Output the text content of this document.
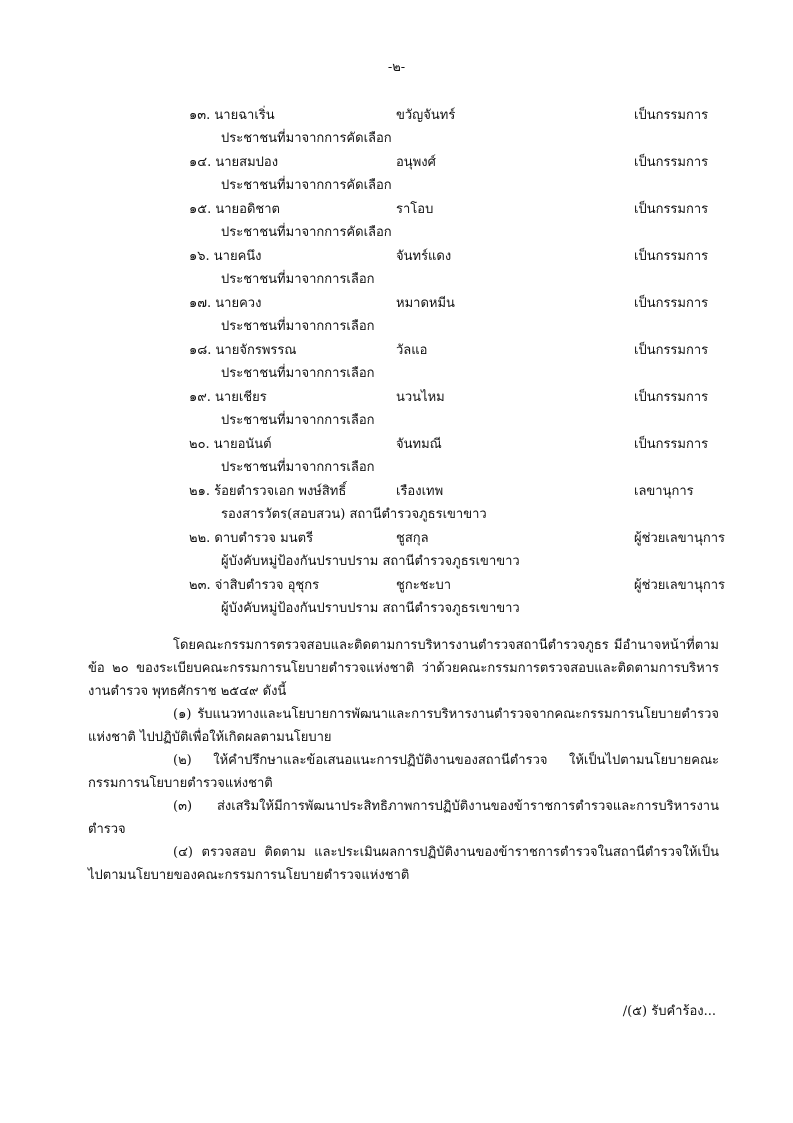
-๒-
๑๓. นายฉาเริ่น	ขวัญจันทร์	เป็นกรรมการ
ประชาชนที่มาจากการคัดเลือก
๑๔. นายสมปอง	อนุพงศ์	เป็นกรรมการ
ประชาชนที่มาจากการคัดเลือก
๑๕. นายอดิชาต	ราโอบ	เป็นกรรมการ
ประชาชนที่มาจากการคัดเลือก
๑๖. นายคนึง	จันทร์แดง	เป็นกรรมการ
ประชาชนที่มาจากการเลือก
๑๗. นายควง	หมาดหมีน	เป็นกรรมการ
ประชาชนที่มาจากการเลือก
๑๘. นายจักรพรรณ	วัลแอ	เป็นกรรมการ
ประชาชนที่มาจากการเลือก
๑๙. นายเชียร	นวนไหม	เป็นกรรมการ
ประชาชนที่มาจากการเลือก
๒๐. นายอนันต์	จันทมณี	เป็นกรรมการ
ประชาชนที่มาจากการเลือก
๒๑. ร้อยตำรวจเอก พงษ์สิทธิ์	เรืองเทพ	เลขานุการ
รองสารวัตร(สอบสวน) สถานีตำรวจภูธรเขาขาว
๒๒. ดาบตำรวจ มนตรี	ชูสกุล	ผู้ช่วยเลขานุการ
ผู้บังคับหมู่ป้องกันปราบปราม สถานีตำรวจภูธรเขาขาว
๒๓. จ่าสิบตำรวจ อุชุกร	ชูกะชะบา	ผู้ช่วยเลขานุการ
ผู้บังคับหมู่ป้องกันปราบปราม สถานีตำรวจภูธรเขาขาว

โดยคณะกรรมการตรวจสอบและติดตามการบริหารงานตำรวจสถานีตำรวจภูธร มีอำนาจหน้าที่ตามข้อ ๒๐ ของระเบียบคณะกรรมการนโยบายตำรวจแห่งชาติ ว่าด้วยคณะกรรมการตรวจสอบและติดตามการบริหารงานตำรวจ พุทธศักราช ๒๕๔๙ ดังนี้

(๑) รับแนวทางและนโยบายการพัฒนาและการบริหารงานตำรวจจากคณะกรรมการนโยบายตำรวจแห่งชาติ ไปปฏิบัติเพื่อให้เกิดผลตามนโยบาย

(๒) ให้คำปรึกษาและข้อเสนอแนะการปฏิบัติงานของสถานีตำรวจ ให้เป็นไปตามนโยบายคณะกรรมการนโยบายตำรวจแห่งชาติ

(๓) ส่งเสริมให้มีการพัฒนาประสิทธิภาพการปฏิบัติงานของข้าราชการตำรวจและการบริหารงานตำรวจ

(๔) ตรวจสอบ ติดตาม และประเมินผลการปฏิบัติงานของข้าราชการตำรวจในสถานีตำรวจให้เป็นไปตามนโยบายของคณะกรรมการนโยบายตำรวจแห่งชาติ

/(๕) รับคำร้อง...
